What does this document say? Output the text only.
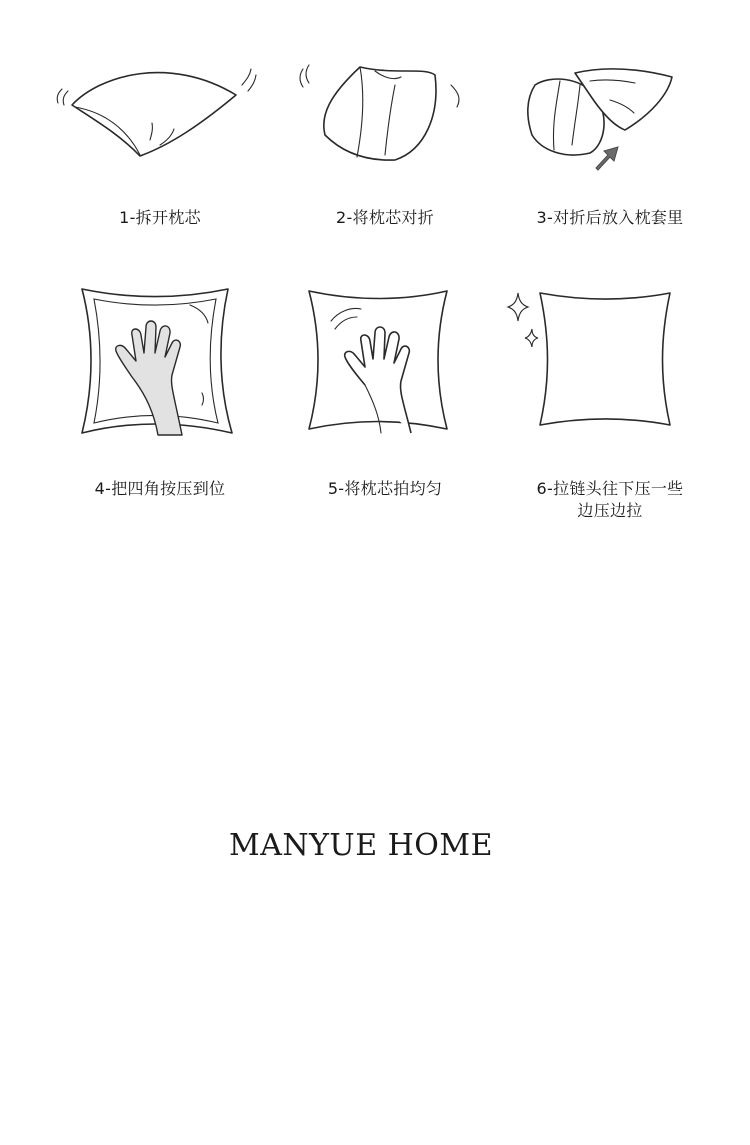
1-拆开枕芯	2-将枕芯对折	3-对折后放入枕套里
4-把四角按压到位	5-将枕芯拍均匀	6-拉链头往下压一些
边压边拉
MANYUE HOME
